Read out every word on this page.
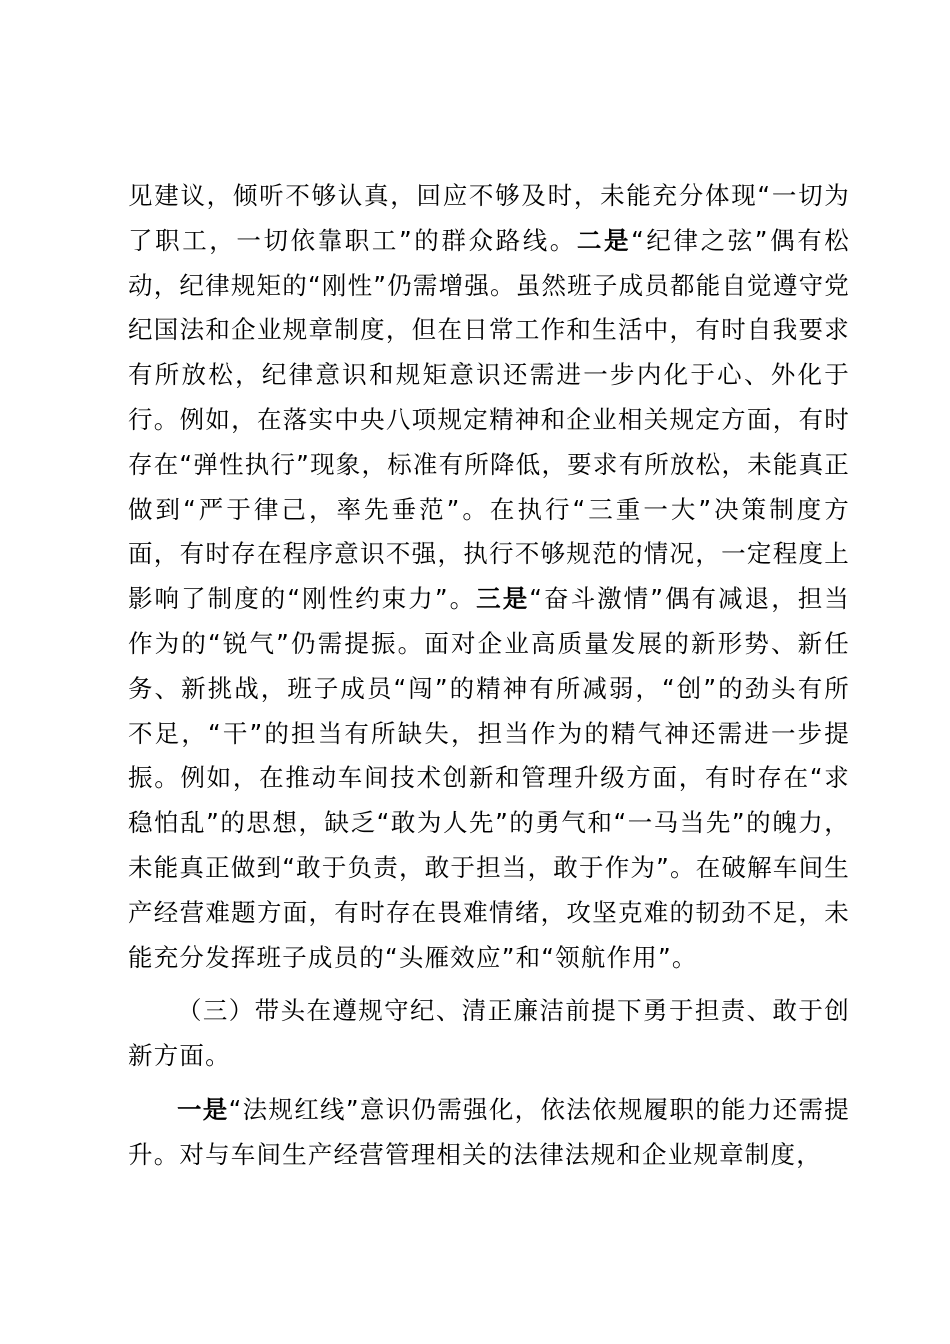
见建议，倾听不够认真，回应不够及时，未能充分体现“一切为了职工，一切依靠职工”的群众路线。二是“纪律之弦”偶有松动，纪律规矩的“刚性”仍需增强。虽然班子成员都能自觉遵守党纪国法和企业规章制度，但在日常工作和生活中，有时自我要求有所放松，纪律意识和规矩意识还需进一步内化于心、外化于行。例如，在落实中央八项规定精神和企业相关规定方面，有时存在“弹性执行”现象，标准有所降低，要求有所放松，未能真正做到“严于律己，率先垂范”。在执行“三重一大”决策制度方面，有时存在程序意识不强，执行不够规范的情况，一定程度上影响了制度的“刚性约束力”。三是“奋斗激情”偶有减退，担当作为的“锐气”仍需提振。面对企业高质量发展的新形势、新任务、新挑战，班子成员“闯”的精神有所减弱，“创”的劲头有所不足，“干”的担当有所缺失，担当作为的精气神还需进一步提振。例如，在推动车间技术创新和管理升级方面，有时存在“求稳怕乱”的思想，缺乏“敢为人先”的勇气和“一马当先”的魄力，未能真正做到“敢于负责，敢于担当，敢于作为”。在破解车间生产经营难题方面，有时存在畏难情绪，攻坚克难的韧劲不足，未能充分发挥班子成员的“头雁效应”和“领航作用”。

（三）带头在遵规守纪、清正廉洁前提下勇于担责、敢于创新方面。

一是“法规红线”意识仍需强化，依法依规履职的能力还需提升。对与车间生产经营管理相关的法律法规和企业规章制度，
